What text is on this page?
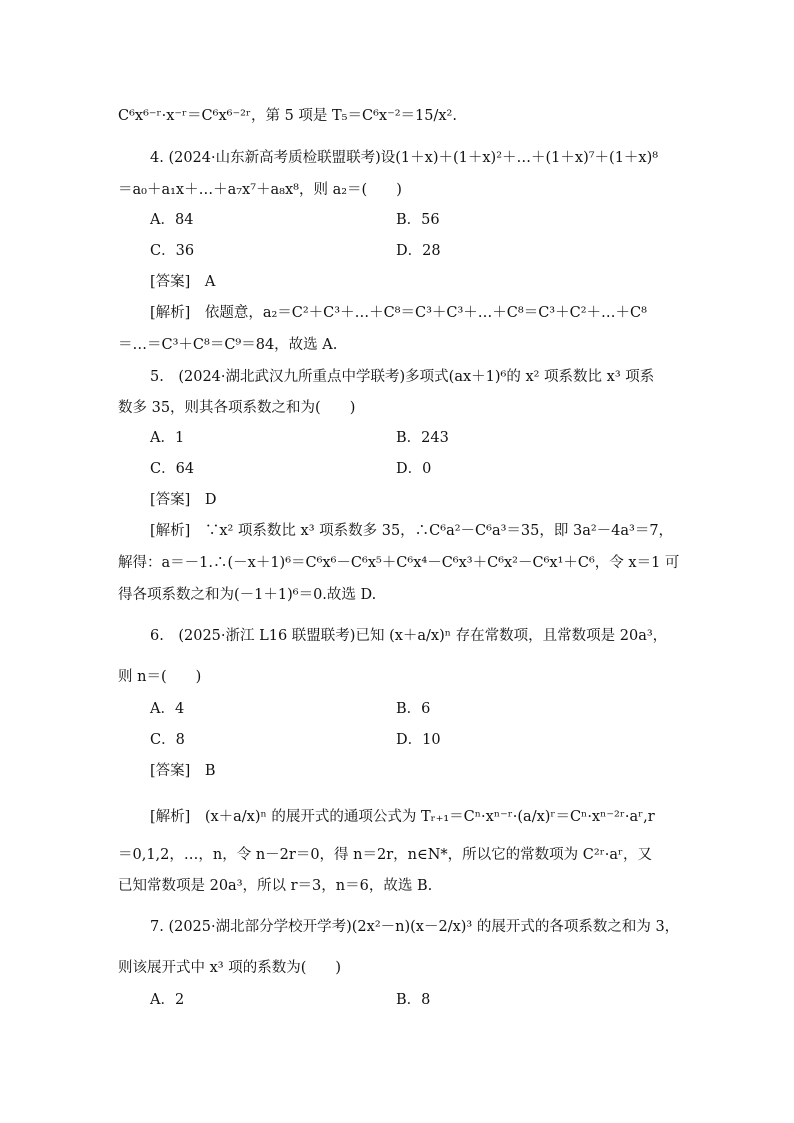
C⁶x⁶⁻ʳ·x⁻ʳ＝C⁶x⁶⁻²ʳ，第 5 项是 T₅＝C⁶x⁻²＝15/x².
4. (2024·山东新高考质检联盟联考)设(1＋x)＋(1＋x)²＋…＋(1＋x)⁷＋(1＋x)⁸
＝a₀＋a₁x＋…＋a₇x⁷＋a₈x⁸，则 a₂＝(　　)
A．84	B．56
C．36	D．28
[答案]　A
[解析]　依题意，a₂＝C²＋C³＋…＋C⁸＝C³＋C³＋…＋C⁸＝C³＋C²＋…＋C⁸
＝…＝C³＋C⁸＝C⁹＝84，故选 A.
5.　(2024·湖北武汉九所重点中学联考)多项式(ax＋1)⁶的 x² 项系数比 x³ 项系
数多 35，则其各项系数之和为(　　)
A．1	B．243
C．64	D．0
[答案]　D
[解析]　∵x² 项系数比 x³ 项系数多 35，∴C⁶a²－C⁶a³＝35，即 3a²－4a³＝7，
解得：a＝－1.∴(－x＋1)⁶＝C⁶x⁶－C⁶x⁵＋C⁶x⁴－C⁶x³＋C⁶x²－C⁶x¹＋C⁶，令 x＝1 可
得各项系数之和为(－1＋1)⁶＝0.故选 D.
6.　(2025·浙江 L16 联盟联考)已知 (x＋a/x)ⁿ 存在常数项，且常数项是 20a³，
则 n＝(　　)
A．4	B．6
C．8	D．10
[答案]　B
[解析]　(x＋a/x)ⁿ 的展开式的通项公式为 Tᵣ₊₁＝Cⁿ·xⁿ⁻ʳ·(a/x)ʳ＝Cⁿ·xⁿ⁻²ʳ·aʳ,r
＝0,1,2，…，n，令 n－2r＝0，得 n＝2r，n∈N*，所以它的常数项为 C²ʳ·aʳ，又
已知常数项是 20a³，所以 r＝3，n＝6，故选 B.
7. (2025·湖北部分学校开学考)(2x²－n)(x－2/x)³ 的展开式的各项系数之和为 3，
则该展开式中 x³ 项的系数为(　　)
A．2	B．8
